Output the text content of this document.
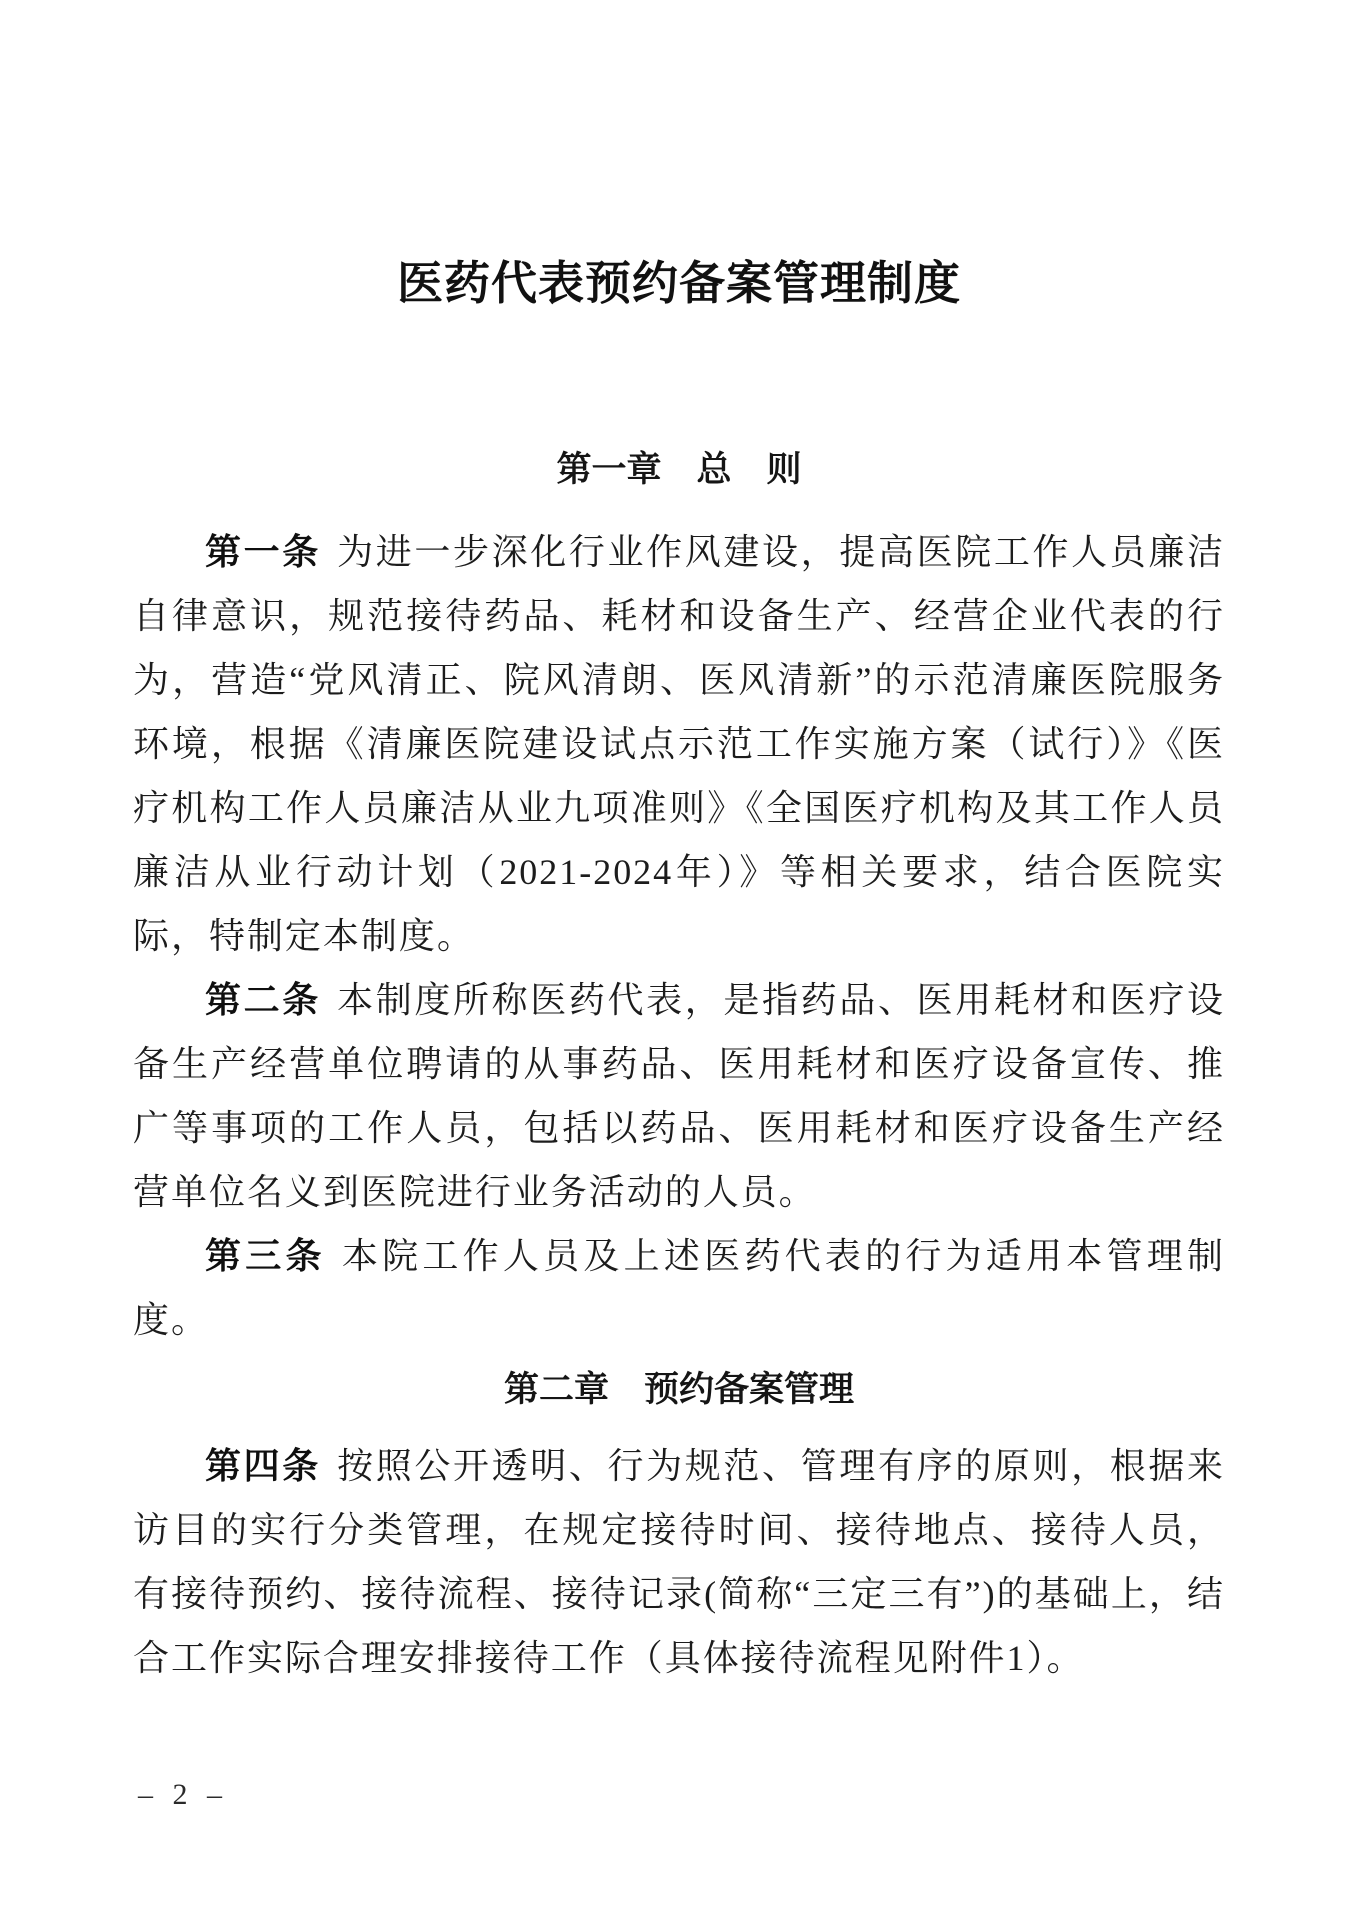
医药代表预约备案管理制度
第一章　总　则

第一条 为进一步深化行业作风建设，提高医院工作人员廉洁自律意识，规范接待药品、耗材和设备生产、经营企业代表的行为，营造“党风清正、院风清朗、医风清新”的示范清廉医院服务环境，根据《清廉医院建设试点示范工作实施方案（试行）》《医疗机构工作人员廉洁从业九项准则》《全国医疗机构及其工作人员廉洁从业行动计划（2021-2024年）》等相关要求，结合医院实际，特制定本制度。

第二条 本制度所称医药代表，是指药品、医用耗材和医疗设备生产经营单位聘请的从事药品、医用耗材和医疗设备宣传、推广等事项的工作人员，包括以药品、医用耗材和医疗设备生产经营单位名义到医院进行业务活动的人员。

第三条 本院工作人员及上述医药代表的行为适用本管理制度。

第二章　预约备案管理

第四条 按照公开透明、行为规范、管理有序的原则，根据来访目的实行分类管理，在规定接待时间、接待地点、接待人员，有接待预约、接待流程、接待记录(简称“三定三有”)的基础上，结合工作实际合理安排接待工作（具体接待流程见附件1）。

– 2 –
